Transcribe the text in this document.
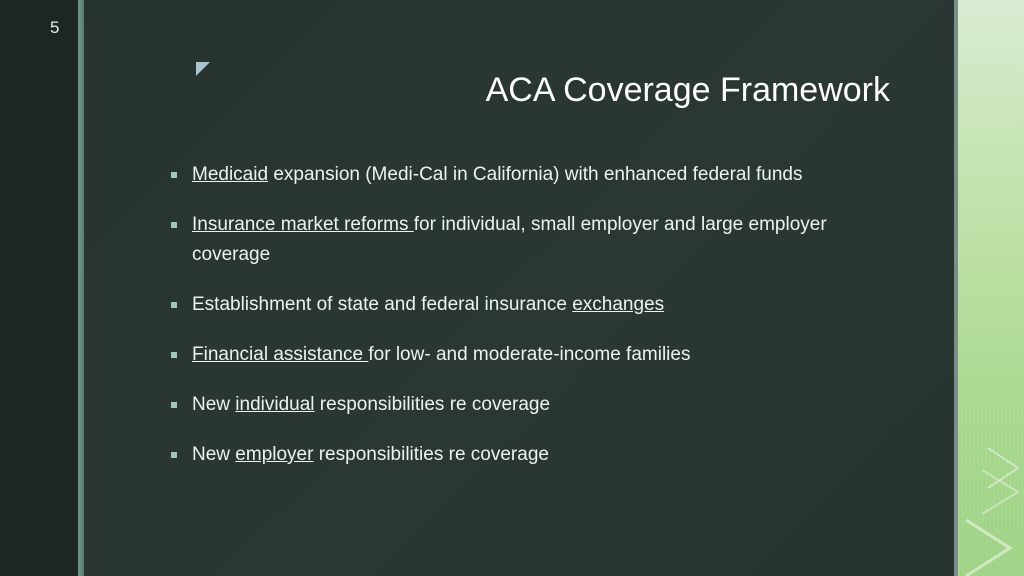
5
ACA Coverage Framework
Medicaid expansion (Medi-Cal in California) with enhanced federal funds
Insurance market reforms for individual, small employer and large employer coverage
Establishment of state and federal insurance exchanges
Financial assistance for low- and moderate-income families
New individual responsibilities re coverage
New employer responsibilities re coverage
